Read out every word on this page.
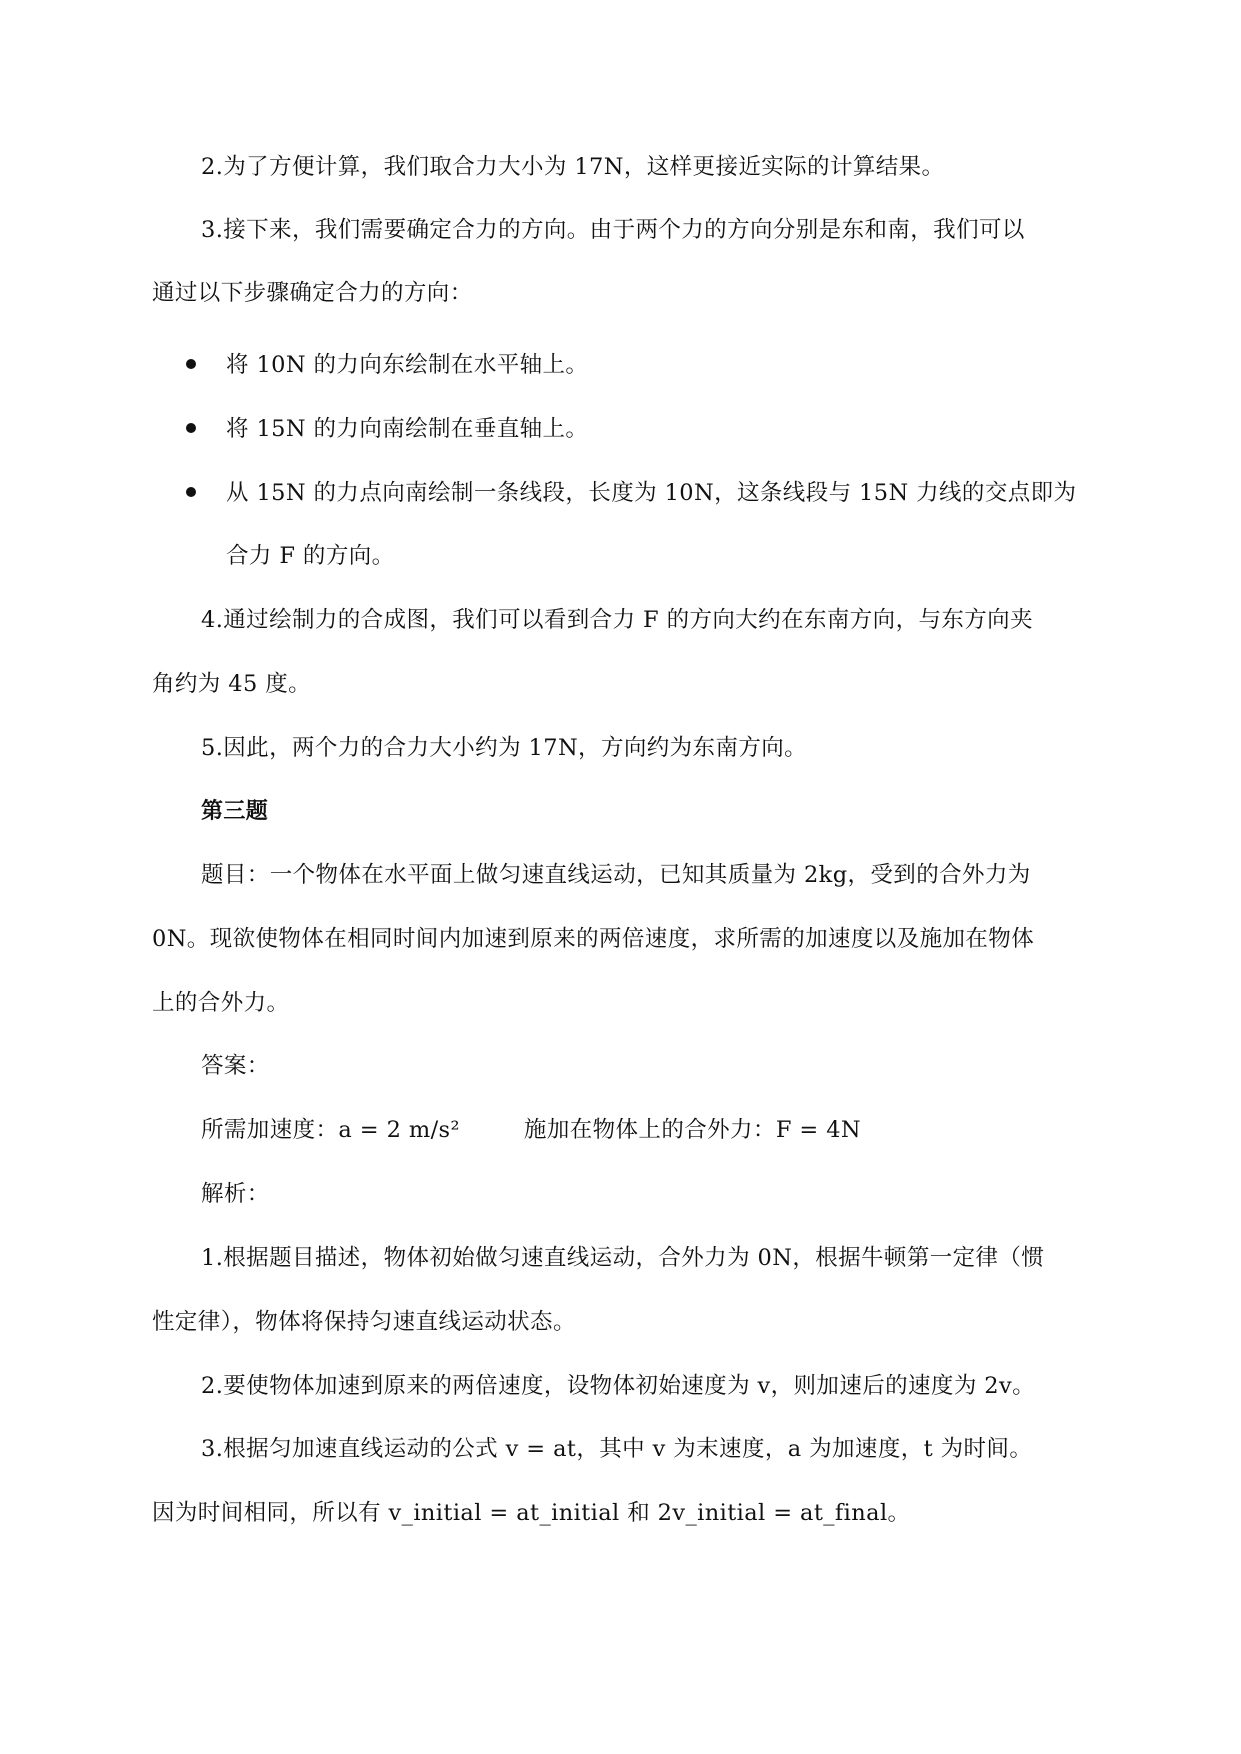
2.为了方便计算，我们取合力大小为 17N，这样更接近实际的计算结果。
3.接下来，我们需要确定合力的方向。由于两个力的方向分别是东和南，我们可以
通过以下步骤确定合力的方向：
将 10N 的力向东绘制在水平轴上。
将 15N 的力向南绘制在垂直轴上。
从 15N 的力点向南绘制一条线段，长度为 10N，这条线段与 15N 力线的交点即为
合力 F 的方向。
4.通过绘制力的合成图，我们可以看到合力 F 的方向大约在东南方向，与东方向夹
角约为 45 度。
5.因此，两个力的合力大小约为 17N，方向约为东南方向。
第三题
题目：一个物体在水平面上做匀速直线运动，已知其质量为 2kg，受到的合外力为
0N。现欲使物体在相同时间内加速到原来的两倍速度，求所需的加速度以及施加在物体
上的合外力。
答案：
所需加速度：a = 2 m/s²	施加在物体上的合外力：F = 4N
解析：
1.根据题目描述，物体初始做匀速直线运动，合外力为 0N，根据牛顿第一定律（惯
性定律），物体将保持匀速直线运动状态。
2.要使物体加速到原来的两倍速度，设物体初始速度为 v，则加速后的速度为 2v。
3.根据匀加速直线运动的公式 v = at，其中 v 为末速度，a 为加速度，t 为时间。
因为时间相同，所以有 v_initial = at_initial 和 2v_initial = at_final。
